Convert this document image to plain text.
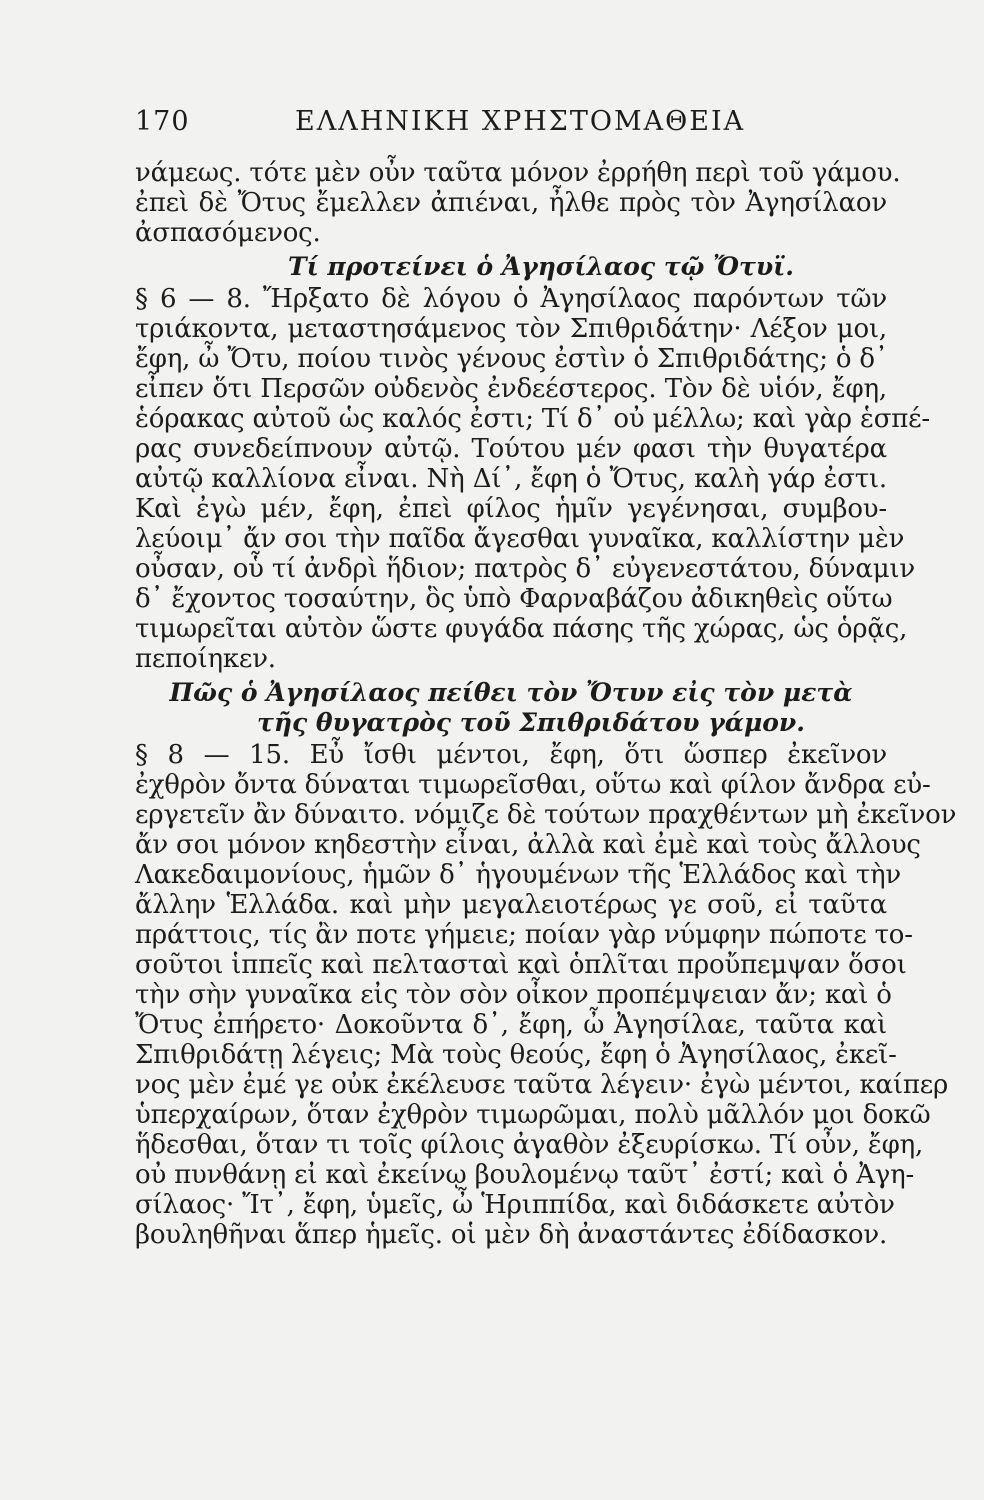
170	ΕΛΛΗΝΙΚΗ ΧΡΗΣΤΟΜΑΘΕΙΑ
νάμεως. τότε μὲν οὖν ταῦτα μόνον ἐρρήθη περὶ τοῦ γάμου.
ἐπεὶ δὲ Ὄτυς ἔμελλεν ἀπιέναι, ἦλθε πρὸς τὸν Ἀγησίλαον
ἀσπασόμενος.
Τί προτείνει ὁ Ἀγησίλαος τῷ Ὄτυϊ.
§ 6 — 8. Ἤρξατο δὲ λόγου ὁ Ἀγησίλαος παρόντων τῶν
τριάκοντα, μεταστησάμενος τὸν Σπιθριδάτην· Λέξον μοι,
ἔφη, ὦ Ὄτυ, ποίου τινὸς γένους ἐστὶν ὁ Σπιθριδάτης; ὁ δ᾽
εἶπεν ὅτι Περσῶν οὐδενὸς ἐνδεέστερος. Τὸν δὲ υἱόν, ἔφη,
ἑόρακας αὐτοῦ ὡς καλός ἐστι; Τί δ᾽ οὐ μέλλω; καὶ γὰρ ἑσπέ-
ρας συνεδείπνουν αὐτῷ. Τούτου μέν φασι τὴν θυγατέρα
αὐτῷ καλλίονα εἶναι. Νὴ Δί᾽, ἔφη ὁ Ὄτυς, καλὴ γάρ ἐστι.
Καὶ ἐγὼ μέν, ἔφη, ἐπεὶ φίλος ἡμῖν γεγένησαι, συμβου-
λεύοιμ᾽ ἄν σοι τὴν παῖδα ἄγεσθαι γυναῖκα, καλλίστην μὲν
οὖσαν, οὗ τί ἀνδρὶ ἥδιον; πατρὸς δ᾽ εὐγενεστάτου, δύναμιν
δ᾽ ἔχοντος τοσαύτην, ὃς ὑπὸ Φαρναβάζου ἀδικηθεὶς οὕτω
τιμωρεῖται αὐτὸν ὥστε φυγάδα πάσης τῆς χώρας, ὡς ὁρᾷς,
πεποίηκεν.
Πῶς ὁ Ἀγησίλαος πείθει τὸν Ὄτυν εἰς τὸν μετὰ
τῆς θυγατρὸς τοῦ Σπιθριδάτου γάμον.
§ 8 — 15. Εὖ ἴσθι μέντοι, ἔφη, ὅτι ὥσπερ ἐκεῖνον
ἐχθρὸν ὄντα δύναται τιμωρεῖσθαι, οὕτω καὶ φίλον ἄνδρα εὐ-
εργετεῖν ἂν δύναιτο. νόμιζε δὲ τούτων πραχθέντων μὴ ἐκεῖνον
ἄν σοι μόνον κηδεστὴν εἶναι, ἀλλὰ καὶ ἐμὲ καὶ τοὺς ἄλλους
Λακεδαιμονίους, ἡμῶν δ᾽ ἡγουμένων τῆς Ἑλλάδος καὶ τὴν
ἄλλην Ἑλλάδα. καὶ μὴν μεγαλειοτέρως γε σοῦ, εἰ ταῦτα
πράττοις, τίς ἂν ποτε γήμειε; ποίαν γὰρ νύμφην πώποτε το-
σοῦτοι ἱππεῖς καὶ πελτασταὶ καὶ ὁπλῖται προὔπεμψαν ὅσοι
τὴν σὴν γυναῖκα εἰς τὸν σὸν οἶκον προπέμψειαν ἄν; καὶ ὁ
Ὄτυς ἐπήρετο· Δοκοῦντα δ᾽, ἔφη, ὦ Ἀγησίλαε, ταῦτα καὶ
Σπιθριδάτῃ λέγεις; Μὰ τοὺς θεούς, ἔφη ὁ Ἀγησίλαος, ἐκεῖ-
νος μὲν ἐμέ γε οὐκ ἐκέλευσε ταῦτα λέγειν· ἐγὼ μέντοι, καίπερ
ὑπερχαίρων, ὅταν ἐχθρὸν τιμωρῶμαι, πολὺ μᾶλλόν μοι δοκῶ
ἥδεσθαι, ὅταν τι τοῖς φίλοις ἀγαθὸν ἐξευρίσκω. Τί οὖν, ἔφη,
οὐ πυνθάνῃ εἰ καὶ ἐκείνῳ βουλομένῳ ταῦτ᾽ ἐστί; καὶ ὁ Ἀγη-
σίλαος· Ἴτ᾽, ἔφη, ὑμεῖς, ὦ Ἡριππίδα, καὶ διδάσκετε αὐτὸν
βουληθῆναι ἅπερ ἡμεῖς. οἱ μὲν δὴ ἀναστάντες ἐδίδασκον.
